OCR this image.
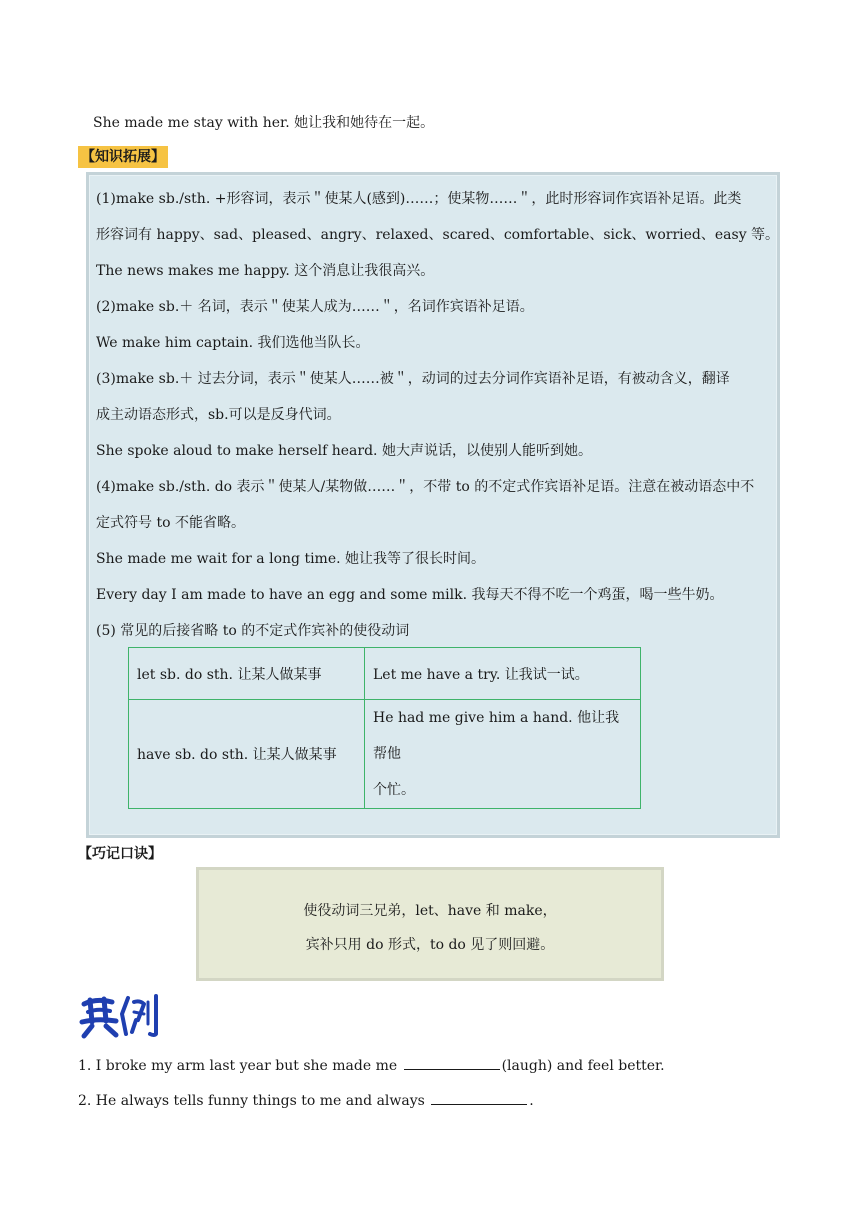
She made me stay with her. 她让我和她待在一起。
【知识拓展】
(1)make sb./sth. +形容词，表示＂使某人(感到)……；使某物……＂，此时形容词作宾语补足语。此类
形容词有 happy、sad、pleased、angry、relaxed、scared、comfortable、sick、worried、easy 等。
The news makes me happy. 这个消息让我很高兴。
(2)make sb.＋ 名词，表示＂使某人成为……＂，名词作宾语补足语。
We make him captain. 我们选他当队长。
(3)make sb.＋ 过去分词，表示＂使某人……被＂，动词的过去分词作宾语补足语，有被动含义，翻译
成主动语态形式，sb.可以是反身代词。
She spoke aloud to make herself heard. 她大声说话，以使别人能听到她。
(4)make sb./sth. do 表示＂使某人/某物做……＂，不带 to 的不定式作宾语补足语。注意在被动语态中不
定式符号 to 不能省略。
She made me wait for a long time. 她让我等了很长时间。
Every day I am made to have an egg and some milk. 我每天不得不吃一个鸡蛋，喝一些牛奶。
(5) 常见的后接省略 to 的不定式作宾补的使役动词
let sb. do sth. 让某人做某事	Let me have a try. 让我试一试。
have sb. do sth. 让某人做某事	He had me give him a hand. 他让我帮他
个忙。
【巧记口诀】
使役动词三兄弟，let、have 和 make，
宾补只用 do 形式，to do 见了则回避。
1. I broke my arm last year but she made me	(laugh) and feel better.
2. He always tells funny things to me and always	.
